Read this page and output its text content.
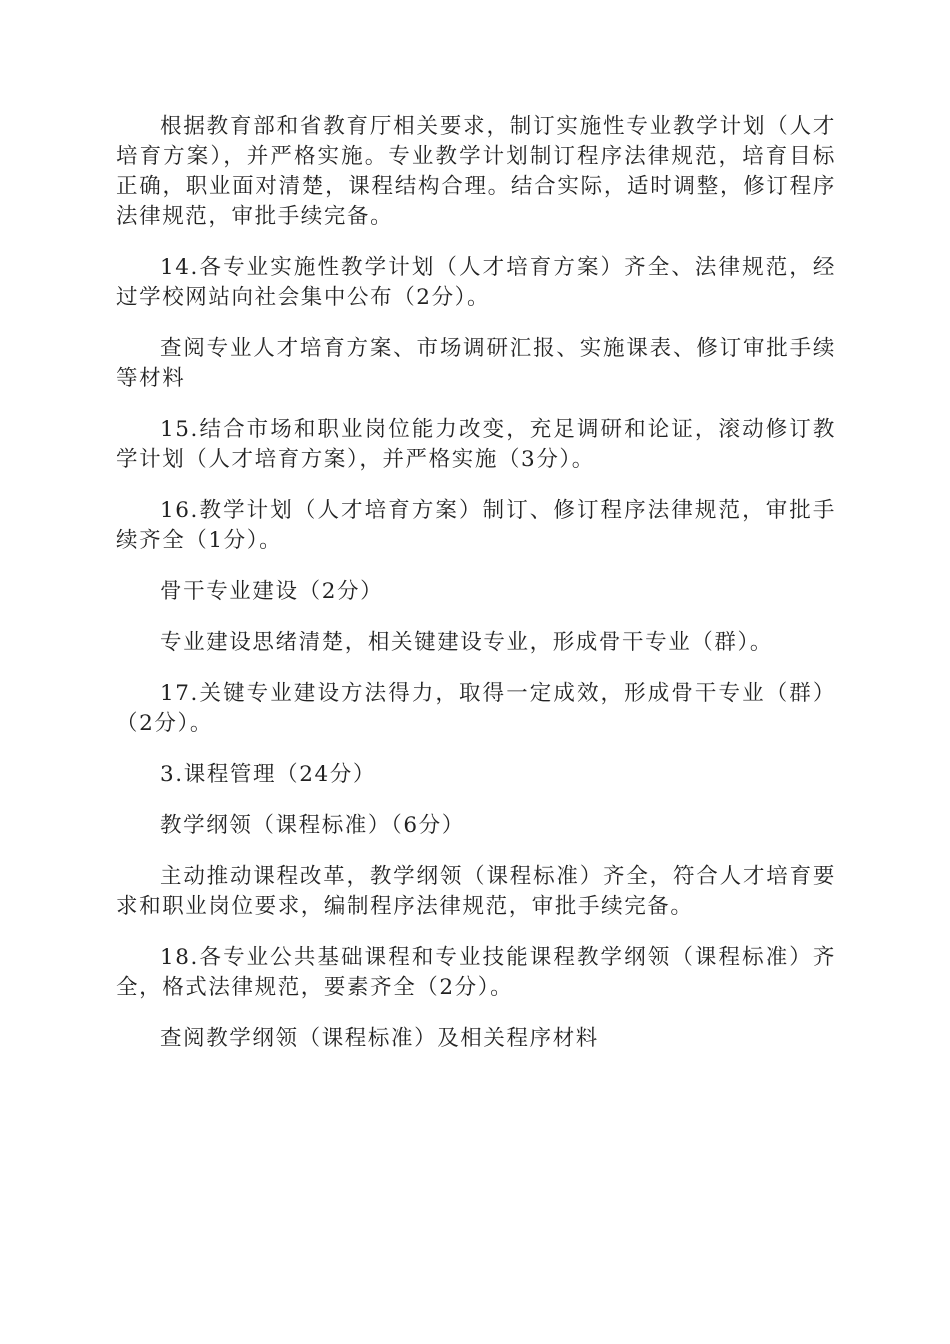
根据教育部和省教育厅相关要求，制订实施性专业教学计划（人才培育方案），并严格实施。专业教学计划制订程序法律规范，培育目标正确，职业面对清楚，课程结构合理。结合实际，适时调整，修订程序法律规范，审批手续完备。

14.各专业实施性教学计划（人才培育方案）齐全、法律规范，经过学校网站向社会集中公布（2分）。

查阅专业人才培育方案、市场调研汇报、实施课表、修订审批手续等材料

15.结合市场和职业岗位能力改变，充足调研和论证，滚动修订教学计划（人才培育方案），并严格实施（3分）。

16.教学计划（人才培育方案）制订、修订程序法律规范，审批手续齐全（1分）。

骨干专业建设（2分）

专业建设思绪清楚，相关键建设专业，形成骨干专业（群）。

17.关键专业建设方法得力，取得一定成效，形成骨干专业（群）（2分）。

3.课程管理（24分）

教学纲领（课程标准）（6分）

主动推动课程改革，教学纲领（课程标准）齐全，符合人才培育要求和职业岗位要求，编制程序法律规范，审批手续完备。

18.各专业公共基础课程和专业技能课程教学纲领（课程标准）齐全，格式法律规范，要素齐全（2分）。

查阅教学纲领（课程标准）及相关程序材料
